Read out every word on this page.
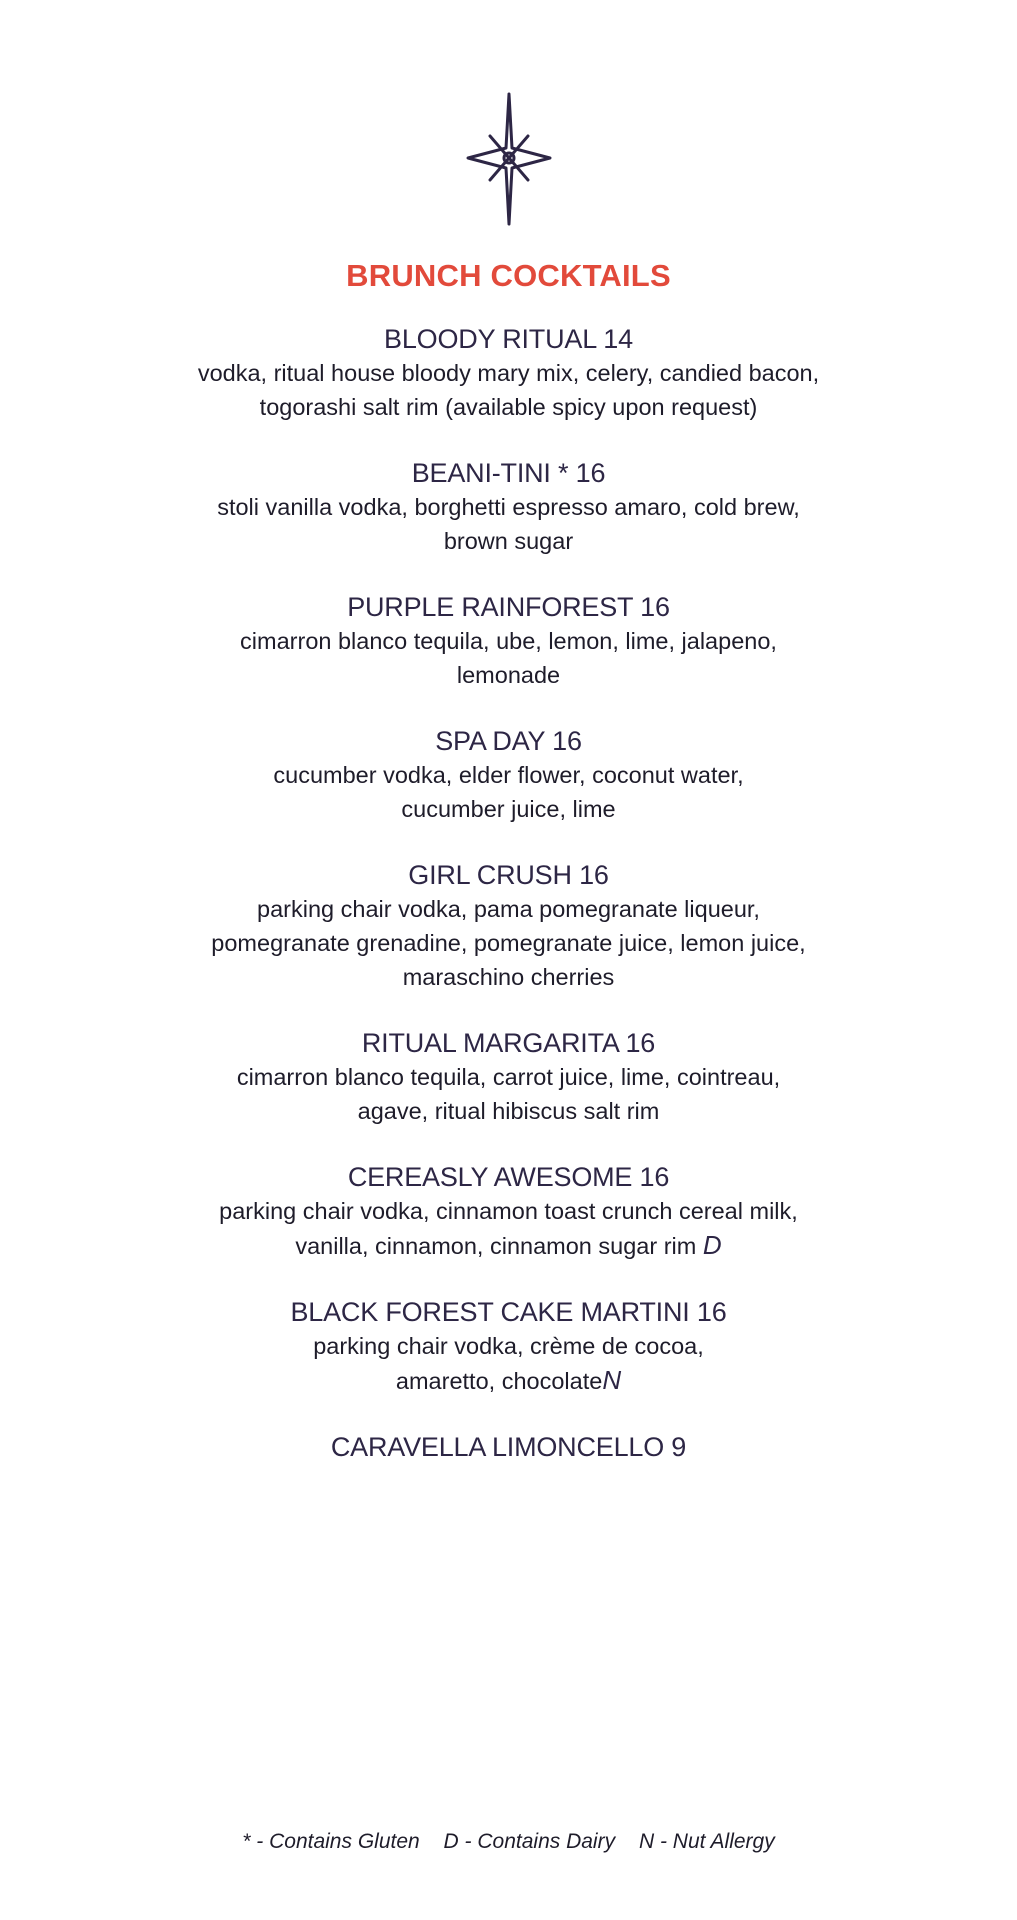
BRUNCH COCKTAILS
BLOODY RITUAL 14
vodka, ritual house bloody mary mix, celery, candied bacon,
togorashi salt rim (available spicy upon request)
BEANI-TINI * 16
stoli vanilla vodka, borghetti espresso amaro, cold brew,
brown sugar
PURPLE RAINFOREST 16
cimarron blanco tequila, ube, lemon, lime, jalapeno,
lemonade
SPA DAY 16
cucumber vodka, elder flower, coconut water,
cucumber juice, lime
GIRL CRUSH 16
parking chair vodka, pama pomegranate liqueur,
pomegranate grenadine, pomegranate juice, lemon juice,
maraschino cherries
RITUAL MARGARITA 16
cimarron blanco tequila, carrot juice, lime, cointreau,
agave, ritual hibiscus salt rim
CEREASLY AWESOME 16
parking chair vodka, cinnamon toast crunch cereal milk,
vanilla, cinnamon, cinnamon sugar rim D
BLACK FOREST CAKE MARTINI 16
parking chair vodka, crème de cocoa,
amaretto, chocolateN
CARAVELLA LIMONCELLO 9
* - Contains Gluten D - Contains Dairy N - Nut Allergy
